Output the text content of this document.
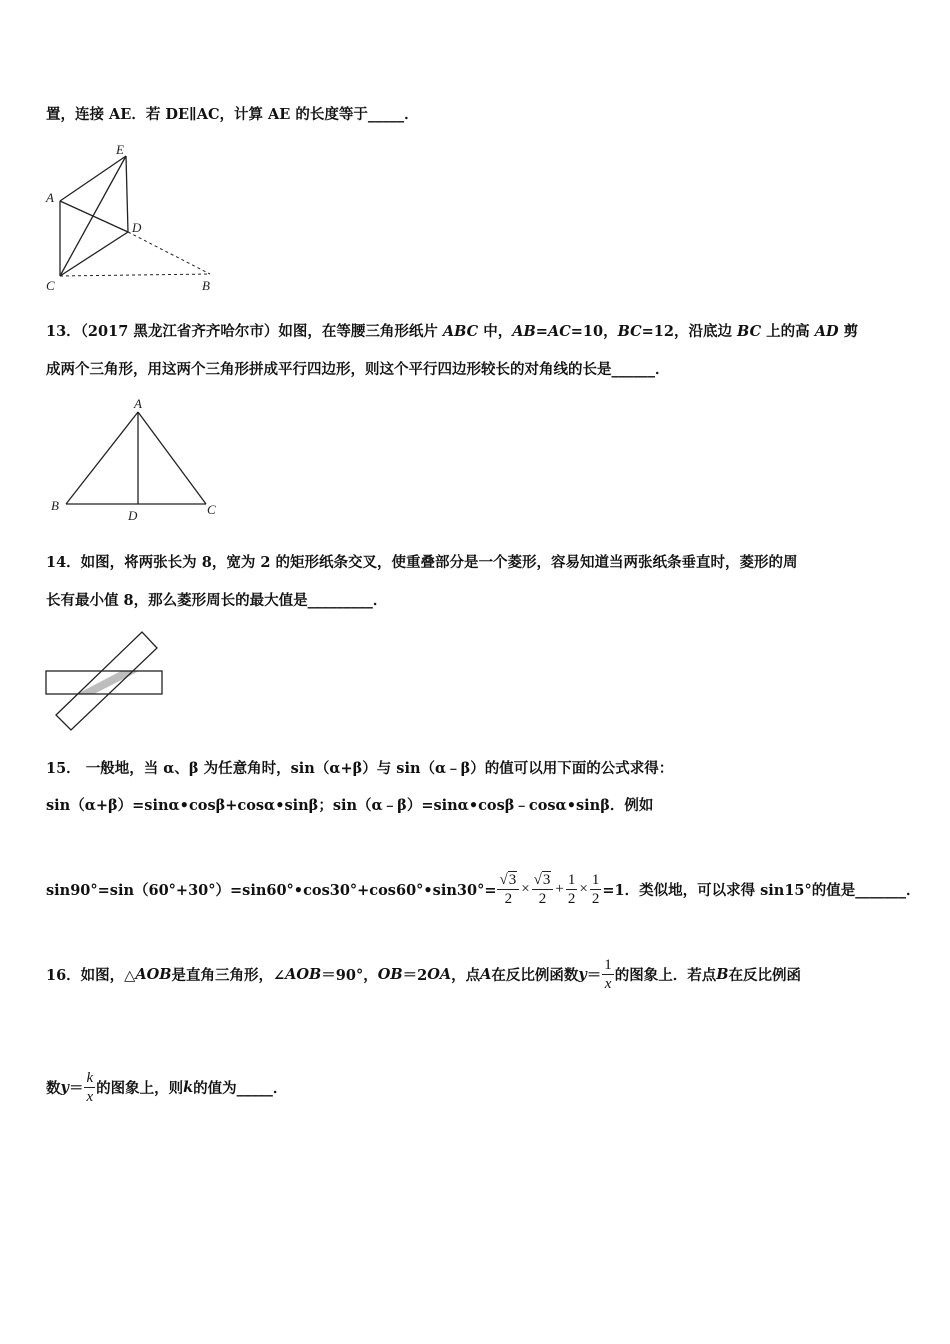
置，连接 AE．若 DE∥AC，计算 AE 的长度等于_____．
E
A
D
C	B
13．（2017 黑龙江省齐齐哈尔市）如图，在等腰三角形纸片 ABC 中，AB=AC=10，BC=12，沿底边 BC 上的高 AD 剪
成两个三角形，用这两个三角形拼成平行四边形，则这个平行四边形较长的对角线的长是______．
A
B
D	C
14．如图，将两张长为 8，宽为 2 的矩形纸条交叉，使重叠部分是一个菱形，容易知道当两张纸条垂直时，菱形的周
长有最小值 8，那么菱形周长的最大值是_________．
15． 一般地，当 α、β 为任意角时，sin（α+β）与 sin（α﹣β）的值可以用下面的公式求得：
sin（α+β）=sinα•cosβ+cosα•sinβ；sin（α﹣β）=sinα•cosβ﹣cosα•sinβ．例如
sin90°=sin（60°+30°）=sin60°•cos30°+cos60°•sin30°= $\frac{√3}{2} \times \frac{√3}{2} + \frac{1}{2} \times \frac{1}{2} =1$．类似地，可以求得 sin15°的值是_______．
16．如图，△ AOB 是直角三角形，∠ AOB ＝90°， OB ＝2 OA ，点 A 在反比例函数 $y = \frac{1}{x}$ 的图象上．若点 B 在反比例函
数 $y = \frac{k}{x}$ 的图象上，则 k 的值为_____．
